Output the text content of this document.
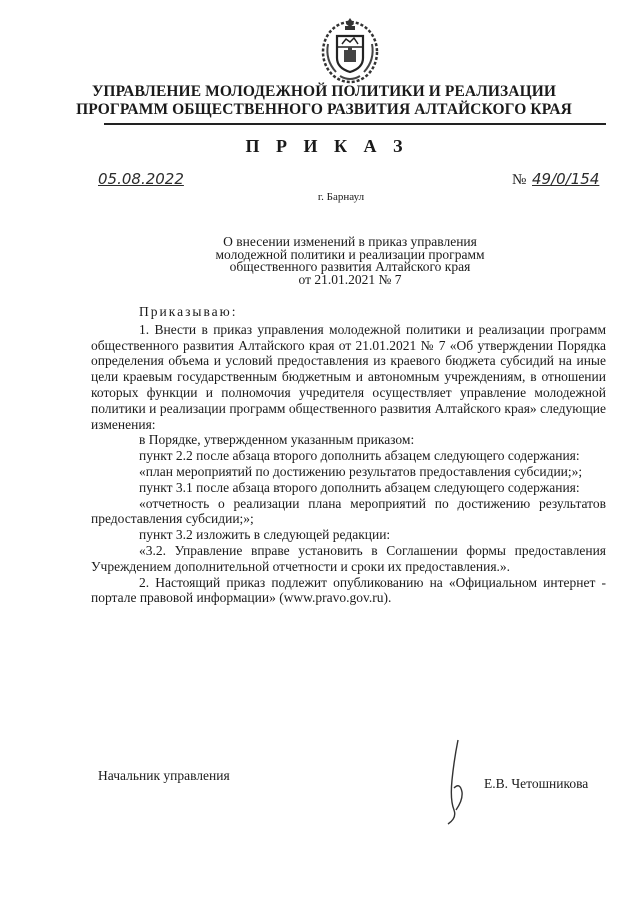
УПРАВЛЕНИЕ МОЛОДЕЖНОЙ ПОЛИТИКИ И РЕАЛИЗАЦИИ
ПРОГРАММ ОБЩЕСТВЕННОГО РАЗВИТИЯ АЛТАЙСКОГО КРАЯ
П Р И К А З
05.08.2022	№ 49/0/154
г. Барнаул
О внесении изменений в приказ управления
молодежной политики и реализации программ
общественного развития Алтайского края
от 21.01.2021 № 7

Приказываю:

1. Внести в приказ управления молодежной политики и реализации программ общественного развития Алтайского края от 21.01.2021 № 7 «Об утверждении Порядка определения объема и условий предоставления из краевого бюджета субсидий на иные цели краевым государственным бюджетным и автономным учреждениям, в отношении которых функции и полномочия учредителя осуществляет управление молодежной политики и реализации программ общественного развития Алтайского края» следующие изменения:

в Порядке, утвержденном указанным приказом:

пункт 2.2 после абзаца второго дополнить абзацем следующего содержания:

«план мероприятий по достижению результатов предоставления субсидии;»;

пункт 3.1 после абзаца второго дополнить абзацем следующего содержания:

«отчетность о реализации плана мероприятий по достижению результатов предоставления субсидии;»;

пункт 3.2 изложить в следующей редакции:

«3.2. Управление вправе установить в Соглашении формы предоставления Учреждением дополнительной отчетности и сроки их предоставления.».

2. Настоящий приказ подлежит опубликованию на «Официальном интернет - портале правовой информации» (www.pravo.gov.ru).

Начальник управления
Е.В. Четошникова
